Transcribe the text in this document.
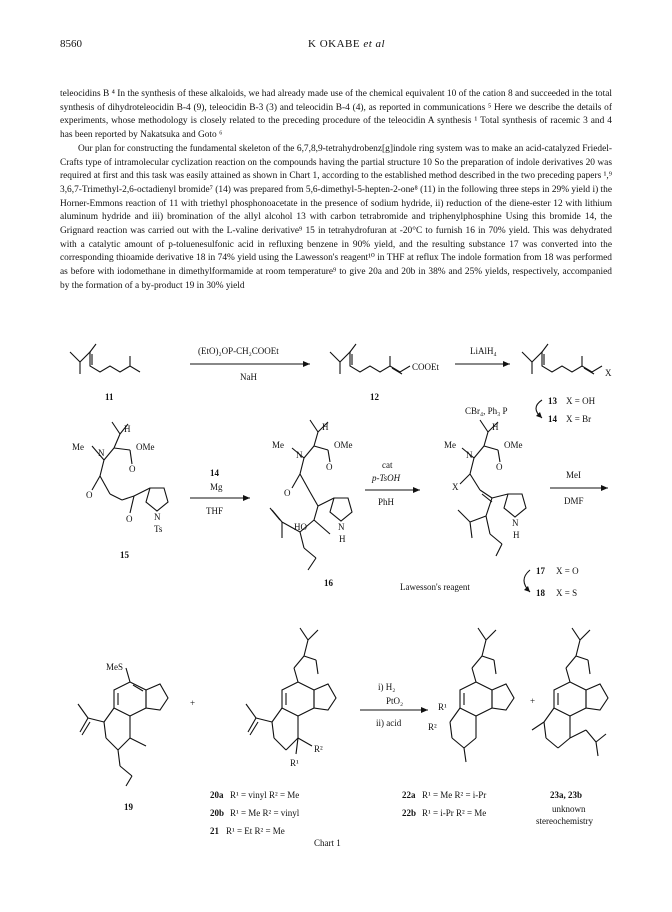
8560	K OKABE et al

teleocidins B ⁴ In the synthesis of these alkaloids, we had already made use of the chemical equivalent 10 of the cation 8 and succeeded in the total synthesis of dihydroteleocidin B-4 (9), teleocidin B-3 (3) and teleocidin B-4 (4), as reported in communications ⁵ Here we describe the details of experiments, whose methodology is closely related to the preceding procedure of the teleocidin A synthesis ¹ Total synthesis of racemic 3 and 4 has been reported by Nakatsuka and Goto ⁶

Our plan for constructing the fundamental skeleton of the 6,7,8,9-tetrahydrobenz[g]indole ring system was to make an acid-catalyzed Friedel-Crafts type of intramolecular cyclization reaction on the compounds having the partial structure 10 So the preparation of indole derivatives 20 was required at first and this task was easily attained as shown in Chart 1, according to the established method described in the two preceding papers ¹,⁹ 3,6,7-Trimethyl-2,6-octadienyl bromide⁷ (14) was prepared from 5,6-dimethyl-5-hepten-2-one⁸ (11) in the following three steps in 29% yield i) the Horner-Emmons reaction of 11 with triethyl phosphonoacetate in the presence of sodium hydride, ii) reduction of the diene-ester 12 with lithium aluminum hydride and iii) bromination of the allyl alcohol 13 with carbon tetrabromide and triphenylphosphine Using this bromide 14, the Grignard reaction was carried out with the L-valine derivative⁹ 15 in tetrahydrofuran at -20°C to furnish 16 in 70% yield. This was dehydrated with a catalytic amount of p-toluenesulfonic acid in refluxing benzene in 90% yield, and the resulting substance 17 was converted into the corresponding thioamide derivative 18 in 74% yield using the Lawesson's reagent¹⁰ in THF at reflux The indole formation from 18 was performed as before with iodomethane in dimethylformamide at room temperature⁹ to give 20a and 20b in 38% and 25% yields, respectively, accompanied by the formation of a by-product 19 in 30% yield

11
(EtO)₂OP-CH₂COOEt
NaH
COOEt
12
LiAlH₄
X
CBr₄, Ph₃ P
13 X = OH
14 X = Br
Me
N
OMe
O
O
O
H
N
Ts
15
14
Mg
THF
Me
N
OMe
O
O
H
HO	N
H
16
cat
p-TsOH
PhH
Me
N
OMe
O
X
H
N
H
MeI
DMF
Lawesson's reagent
17 X = O
18 X = S
MeS
19
+
R²
R¹
i) H₂
PtO₂
ii) acid
R¹
R²
+
20a R¹ = vinyl R² = Me
20b R¹ = Me R² = vinyl
21 R¹ = Et R² = Me
22a R¹ = Me R² = i-Pr
22b R¹ = i-Pr R² = Me
23a, 23b
unknown
stereochemistry
Chart 1
